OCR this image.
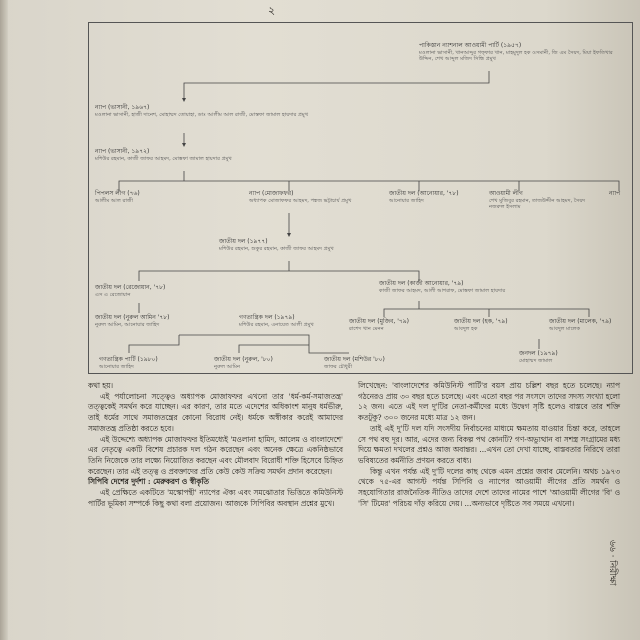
২
৬৬ · নিরীক্ষা
পাকিস্তান ন্যাশনাল আওয়ামী পার্টি (১৯৫৭)
মওলানা ভাসানী, খানআব্দুর গফ্ফার খান, মাহমুদুল হক ওসমানী, জি এম সৈয়দ, মিয়া ইফতিখার উদ্দিন, শেখ আব্দুল মজিদ সিন্ধি প্রমুখ
ন্যাপ (ভাসানী, ১৯৬৭)
মওলানা ভাসানী, হাজী দানেশ, মোহাম্মদ তোয়াহা, ডাঃ আলীম আল রাজী, মোস্তফা জামাল হায়দার প্রমুখ
ন্যাপ (ভাসানী, ১৯৭২)
মশিউর রহমান, কাজী জাফর আহমদ, মোস্তফা জামাল হায়দার প্রমুখ
পিপলস লীগ (৭৬)
আলীম আল রাজী
ন্যাপ (মোজাফফর)
অধ্যাপক মোজাফফর আহমদ, পঙ্কজ ভট্টাচার্য প্রমুখ
জাতীয় দল (আনোয়ার, '৭৮)
আনোয়ার জাহিদ
আওয়ামী লীগ
শেখ মুজিবুর রহমান, তাজউদ্দীন আহমদ, সৈয়দ নজরুল ইসলাম
ন্যাপ
জাতীয় দল (১৯৭৭)
মশিউর রহমান, শুকুর রহমান, কাজী জাফর আহমদ প্রমুখ
জাতীয় দল (রেজোয়ান, '৭৮)
এস এ রেজোয়ান
জাতীয় দল (কাজী আনোয়ার, '৭৯)
কাজী জাফর আহমদ, আলী আশরাফ, মোস্তফা জামাল হায়দার
জাতীয় দল (নুরুল আমিন '৭৮)
নুরুল আমিন, আনোয়ার জাহিদ
গণতান্ত্রিক দল (১৯৭৯)
মশিউর রহমান, এনায়েত আলী প্রমুখ	জাতীয় দল (মুজিব, '৭৯)
রাশেদ খান মেনন
জাতীয় দল (হক, '৭৯)
আবদুল হক
জাতীয় দল (মালেক, '৭৯)
আবদুল মালেক
জনদল (১৯৭৯)
মোহাম্মদ জামাল
গণতান্ত্রিক পার্টি (১৯৮০)
আনোয়ার জাহিদ
জাতীয় দল (নুরুল, '৮০)
নুরুল আমিন
জাতীয় দল (মশিউর '৮০)
জাফর চৌধুরী

কথা হয়।

এই পর্যালোচনা সত্ত্বেও অধ্যাপক মোজাফফর এখনো তার 'ধর্ম-কর্ম-সমাজতন্ত্র' তত্ত্বকেই সমর্থন করে যাচ্ছেন। এর কারণ, তার মতে এদেশের অধিকাংশ মানুষ ধর্মভীরু, তাই ধর্মের সাথে সমাজতন্ত্রের কোনো বিরোধ নেই। ধর্মকে অস্বীকার করেই আমাদের সমাজতন্ত্র প্রতিষ্ঠা করতে হবে।

এই উদ্দেশ্যে অধ্যাপক মোজাফফর ইতিমধ্যেই 'মওলানা হামিদ, আলেম ও বাংলাদেশে' এর নেতৃত্বে একটি বিশেষ প্রচারক দল গঠন করেছেন এবং অনেক ক্ষেত্রে একনিষ্ঠভাবে তিনি নিজেকে তার লক্ষ্যে নিয়োজিত করছেন এবং মৌলবাদ বিরোধী শক্তি হিসেবে চিহ্নিত করেছেন। তার এই তত্ত্ব ও প্রবক্তাদের প্রতি কেউ কেউ সক্রিয় সমর্থন প্রদান করেছেন।

সিপিবি দেশের দুর্দশা : মেরুকরণ ও স্বীকৃতি

এই প্রেক্ষিতে একটিতে 'মস্কোপন্থী' ন্যাপের ঐক্য এবং সমঝোতার ভিত্তিতে কমিউনিস্ট পার্টির ভূমিকা সম্পর্কে কিছু কথা বলা প্রয়োজন। আজকে সিপিবির অবস্থান প্রশ্নের মুখে।

লিখেছেন: 'বাংলাদেশের কমিউনিস্ট পার্টি'র বয়স প্রায় চল্লিশ বছর হতে চলেছে। ন্যাপ গঠনেরও প্রায় ৩০ বছর হতে চলেছে। এবং এতো বছর পর সংসদে তাদের সদস্য সংখ্যা হলো ১২ জন। এতে এই দল দু'টির নেতা-কর্মীদের মধ্যে উদ্বেগ সৃষ্টি হলেও বাস্তবে তার শক্তি কতটুকু? ৩০০ জনের মধ্যে মাত্র ১২ জন।

তাই এই দু'টি দল যদি সংসদীয় নির্বাচনের মাধ্যমে ক্ষমতায় যাওয়ার চিন্তা করে, তাহলে সে পথ বহু দূর। আর, এদের জন্য বিকল্প পথ কোনটি? গণ-অভ্যুত্থান বা সশস্ত্র সংগ্রামের মধ্য দিয়ে ক্ষমতা দখলের প্রশ্নও আজ অবান্তর। ...এখন তো দেখা যাচ্ছে, বাস্তবতার নিরিখে তারা ভবিষ্যতের কর্মনীতি প্রণয়ন করতে বাধ্য।

কিন্তু এখন পর্যন্ত এই দু'টি দলের কাছ থেকে এমন প্রশ্নের জবাব মেলেনি। অথচ ১৯৭৩ থেকে ৭৫-এর আগস্ট পর্যন্ত সিপিবি ও ন্যাপের আওয়ামী লীগের প্রতি সমর্থন ও সহযোগিতার রাজনৈতিক নীতিও তাদের দেশে তাদের নামের পাশে 'আওয়ামী লীগের 'বি' ও 'সি' টিমের' পরিচয় দাঁড় করিয়ে দেয়। ...অন্যভাবে দৃষ্টিতে সব সময়ে এখনো।
